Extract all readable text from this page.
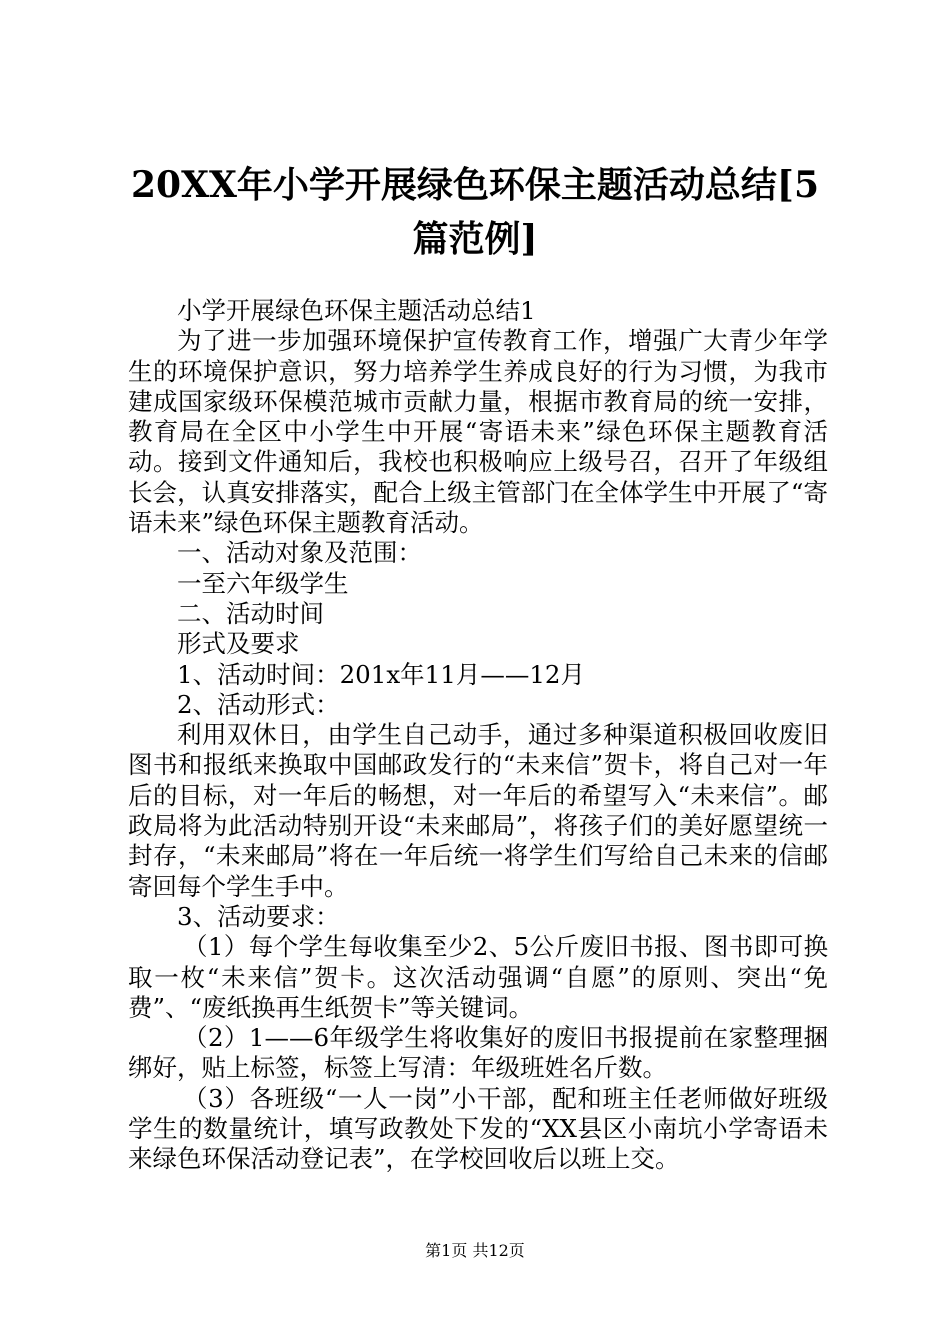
20XX年小学开展绿色环保主题活动总结[5篇范例]

小学开展绿色环保主题活动总结1

为了进一步加强环境保护宣传教育工作，增强广大青少年学生的环境保护意识，努力培养学生养成良好的行为习惯，为我市建成国家级环保模范城市贡献力量，根据市教育局的统一安排，教育局在全区中小学生中开展“寄语未来”绿色环保主题教育活动。接到文件通知后，我校也积极响应上级号召，召开了年级组长会，认真安排落实，配合上级主管部门在全体学生中开展了“寄语未来”绿色环保主题教育活动。

一、活动对象及范围：

一至六年级学生

二、活动时间

形式及要求

1、活动时间：201x年11月——12月

2、活动形式：

利用双休日，由学生自己动手，通过多种渠道积极回收废旧图书和报纸来换取中国邮政发行的“未来信”贺卡，将自己对一年后的目标，对一年后的畅想，对一年后的希望写入“未来信”。邮政局将为此活动特别开设“未来邮局”，将孩子们的美好愿望统一封存，“未来邮局”将在一年后统一将学生们写给自己未来的信邮寄回每个学生手中。

3、活动要求：

（1）每个学生每收集至少2、5公斤废旧书报、图书即可换取一枚“未来信”贺卡。这次活动强调“自愿”的原则、突出“免费”、“废纸换再生纸贺卡”等关键词。

（2）1——6年级学生将收集好的废旧书报提前在家整理捆绑好，贴上标签，标签上写清：年级班姓名斤数。

（3）各班级“一人一岗”小干部，配和班主任老师做好班级学生的数量统计，填写政教处下发的“XX县区小南坑小学寄语未来绿色环保活动登记表”，在学校回收后以班上交。

第1页 共12页
